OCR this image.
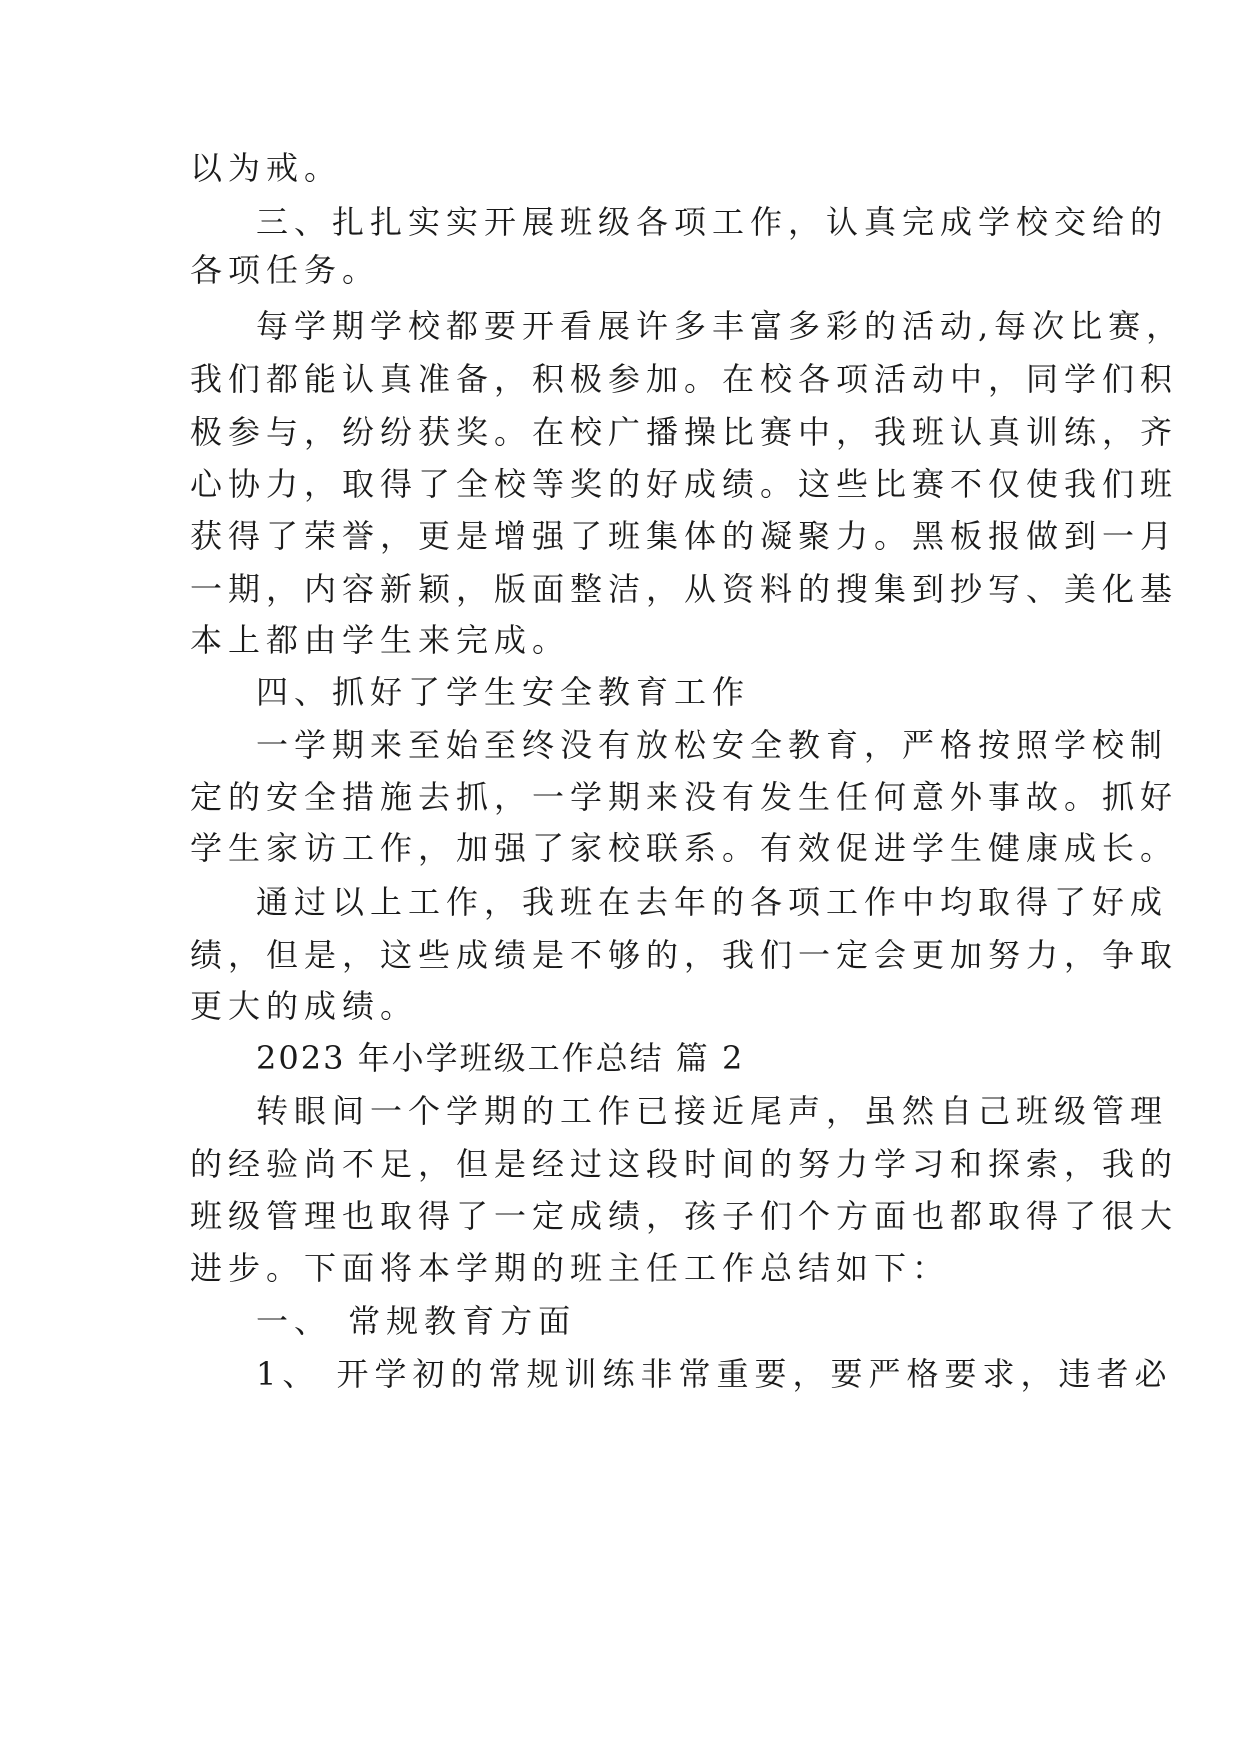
以为戒。
三、扎扎实实开展班级各项工作，认真完成学校交给的
各项任务。
每学期学校都要开看展许多丰富多彩的活动,每次比赛，
我们都能认真准备，积极参加。在校各项活动中，同学们积
极参与，纷纷获奖。在校广播操比赛中，我班认真训练，齐
心协力，取得了全校等奖的好成绩。这些比赛不仅使我们班
获得了荣誉，更是增强了班集体的凝聚力。黑板报做到一月
一期，内容新颖，版面整洁，从资料的搜集到抄写、美化基
本上都由学生来完成。
四、抓好了学生安全教育工作
一学期来至始至终没有放松安全教育，严格按照学校制
定的安全措施去抓，一学期来没有发生任何意外事故。抓好
学生家访工作，加强了家校联系。有效促进学生健康成长。
通过以上工作，我班在去年的各项工作中均取得了好成
绩，但是，这些成绩是不够的，我们一定会更加努力，争取
更大的成绩。
2023 年小学班级工作总结 篇 2
转眼间一个学期的工作已接近尾声，虽然自己班级管理
的经验尚不足，但是经过这段时间的努力学习和探索，我的
班级管理也取得了一定成绩，孩子们个方面也都取得了很大
进步。下面将本学期的班主任工作总结如下：
一、 常规教育方面
1、 开学初的常规训练非常重要，要严格要求，违者必
